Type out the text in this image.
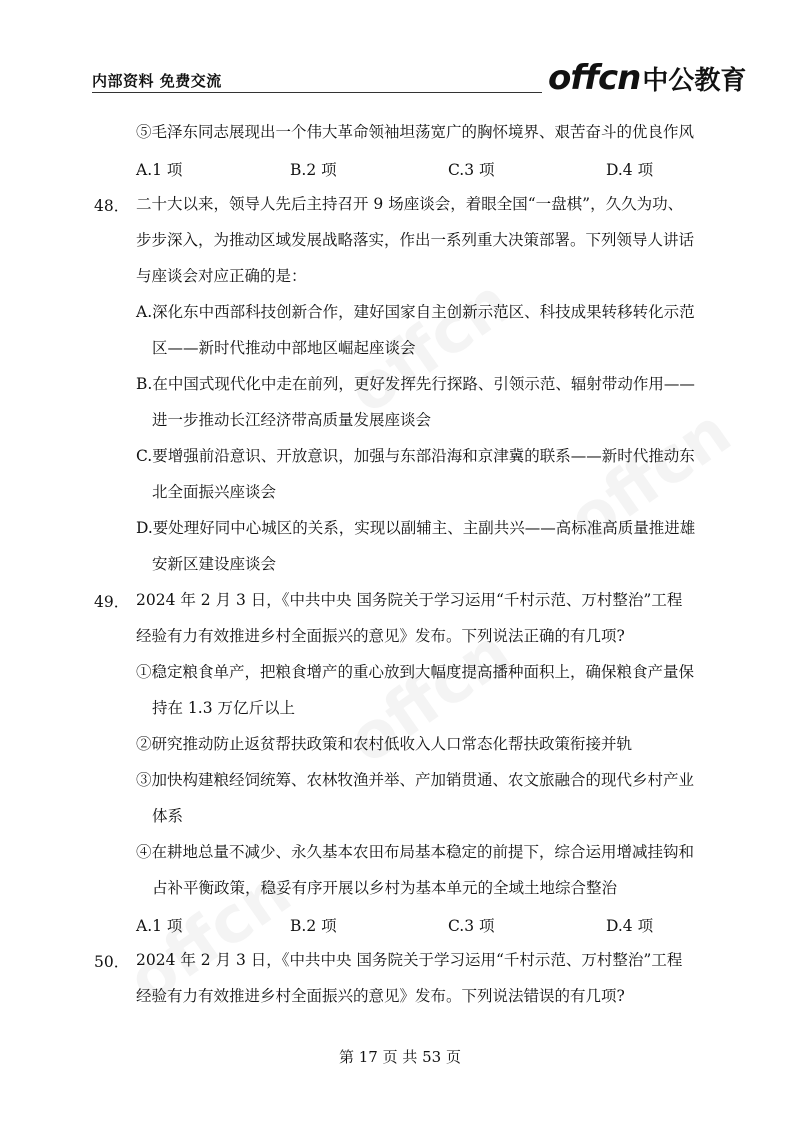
内部资料 免费交流	offcn 中公教育
⑤毛泽东同志展现出一个伟大革命领袖坦荡宽广的胸怀境界、艰苦奋斗的优良作风
A.1 项	B.2 项	C.3 项	D.4 项
48． 二十大以来，领导人先后主持召开 9 场座谈会，着眼全国“一盘棋”，久久为功、
步步深入，为推动区域发展战略落实，作出一系列重大决策部署。下列领导人讲话
与座谈会对应正确的是：
A.深化东中西部科技创新合作，建好国家自主创新示范区、科技成果转移转化示范
区——新时代推动中部地区崛起座谈会
B.在中国式现代化中走在前列，更好发挥先行探路、引领示范、辐射带动作用——
进一步推动长江经济带高质量发展座谈会
C.要增强前沿意识、开放意识，加强与东部沿海和京津冀的联系——新时代推动东
北全面振兴座谈会
D.要处理好同中心城区的关系，实现以副辅主、主副共兴——高标准高质量推进雄
安新区建设座谈会
49． 2024 年 2 月 3 日，《中共中央 国务院关于学习运用“千村示范、万村整治”工程
经验有力有效推进乡村全面振兴的意见》发布。下列说法正确的有几项?
①稳定粮食单产，把粮食增产的重心放到大幅度提高播种面积上，确保粮食产量保
持在 1.3 万亿斤以上
②研究推动防止返贫帮扶政策和农村低收入人口常态化帮扶政策衔接并轨
③加快构建粮经饲统筹、农林牧渔并举、产加销贯通、农文旅融合的现代乡村产业
体系
④在耕地总量不减少、永久基本农田布局基本稳定的前提下，综合运用增减挂钩和
占补平衡政策，稳妥有序开展以乡村为基本单元的全域土地综合整治
A.1 项	B.2 项	C.3 项	D.4 项
50． 2024 年 2 月 3 日，《中共中央 国务院关于学习运用“千村示范、万村整治”工程
经验有力有效推进乡村全面振兴的意见》发布。下列说法错误的有几项?
第 17 页 共 53 页
